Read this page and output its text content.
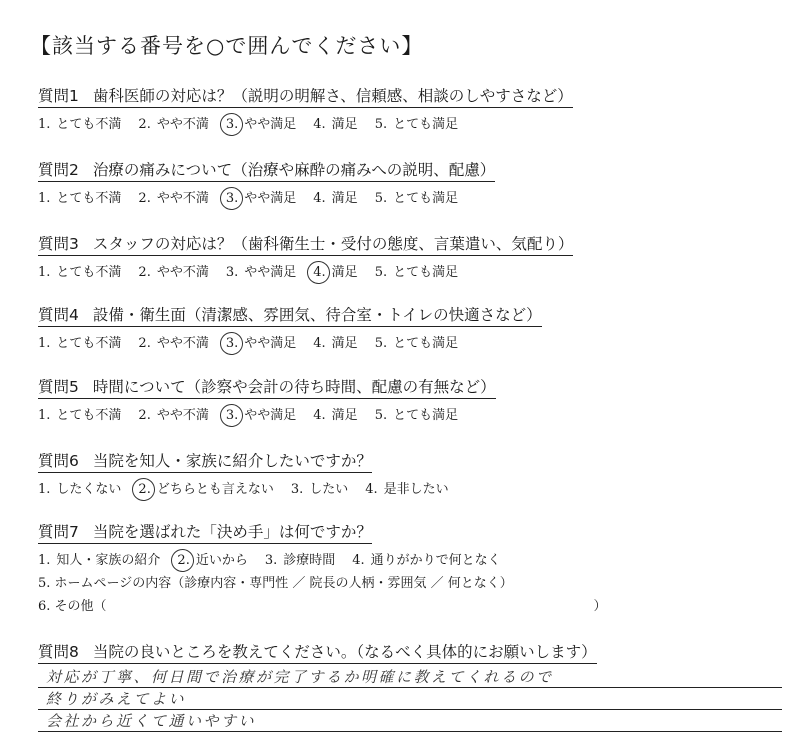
【該当する番号を○で囲んでください】
質問1 歯科医師の対応は？（説明の明解さ、信頼感、相談のしやすさなど）
1. とても不満 2. やや不満 3. やや満足 4. 満足 5. とても満足
質問2 治療の痛みについて（治療や麻酔の痛みへの説明、配慮）
1. とても不満 2. やや不満 3. やや満足 4. 満足 5. とても満足
質問3 スタッフの対応は？（歯科衛生士・受付の態度、言葉遣い、気配り）
1. とても不満 2. やや不満 3. やや満足 4. 満足 5. とても満足
質問4 設備・衛生面（清潔感、雰囲気、待合室・トイレの快適さなど）
1. とても不満 2. やや不満 3. やや満足 4. 満足 5. とても満足
質問5 時間について（診察や会計の待ち時間、配慮の有無など）
1. とても不満 2. やや不満 3. やや満足 4. 満足 5. とても満足
質問6 当院を知人・家族に紹介したいですか？
1. したくない 2. どちらとも言えない 3. したい 4. 是非したい
質問7 当院を選ばれた「決め手」は何ですか？
1. 知人・家族の紹介 2. 近いから 3. 診療時間 4. 通りがかりで何となく
5. ホームページの内容（診療内容・専門性 ／ 院長の人柄・雰囲気 ／ 何となく）
6. その他（	）
質問8 当院の良いところを教えてください。（なるべく具体的にお願いします）
対応が丁寧、何日間で治療が完了するか明確に教えてくれるので
終りがみえてよい
会社から近くて通いやすい
